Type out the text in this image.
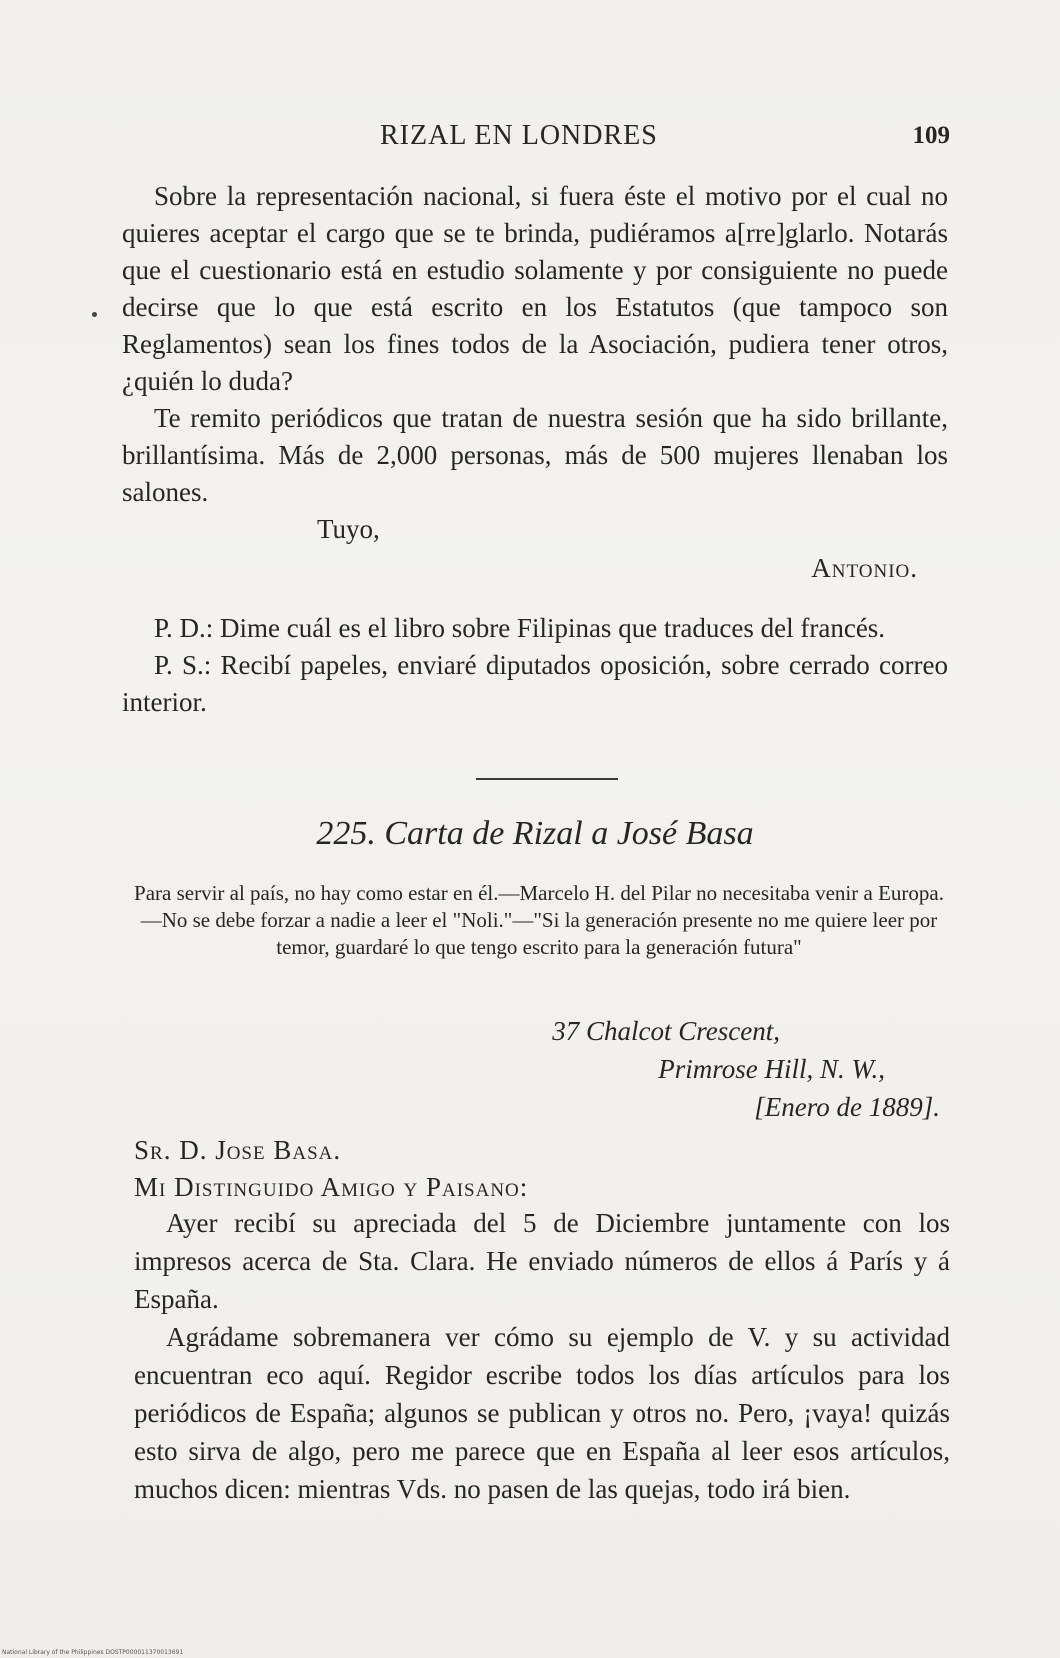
RIZAL EN LONDRES	109

Sobre la representación nacional, si fuera éste el motivo por el cual no quieres aceptar el cargo que se te brinda, pudiéramos a[rre]glarlo. Notarás que el cuestionario está en estudio solamente y por consiguiente no puede decirse que lo que está escrito en los Estatutos (que tampoco son Reglamentos) sean los fines todos de la Asociación, pudiera tener otros, ¿quién lo duda?

Te remito periódicos que tratan de nuestra sesión que ha sido brillante, brillantísima. Más de 2,000 personas, más de 500 mujeres llenaban los salones.

Tuyo,

Antonio.

P. D.: Dime cuál es el libro sobre Filipinas que traduces del francés.

P. S.: Recibí papeles, enviaré diputados oposición, sobre cerrado correo interior.

225. Carta de Rizal a José Basa

Para servir al país, no hay como estar en él.—Marcelo H. del Pilar no necesitaba venir a Europa.—No se debe forzar a nadie a leer el "Noli."—"Si la generación presente no me quiere leer por temor, guardaré lo que tengo escrito para la generación futura"

37 Chalcot Crescent,
Primrose Hill, N. W.,
[Enero de 1889].

Sr. D. Jose Basa.

Mi Distinguido Amigo y Paisano:

Ayer recibí su apreciada del 5 de Diciembre juntamente con los impresos acerca de Sta. Clara. He enviado números de ellos á París y á España.

Agrádame sobremanera ver cómo su ejemplo de V. y su actividad encuentran eco aquí. Regidor escribe todos los días artículos para los periódicos de España; algunos se publican y otros no. Pero, ¡vaya! quizás esto sirva de algo, pero me parece que en España al leer esos artículos, muchos dicen: mientras Vds. no pasen de las quejas, todo irá bien.

National Library of the Philippines DOSTP000011370013691
